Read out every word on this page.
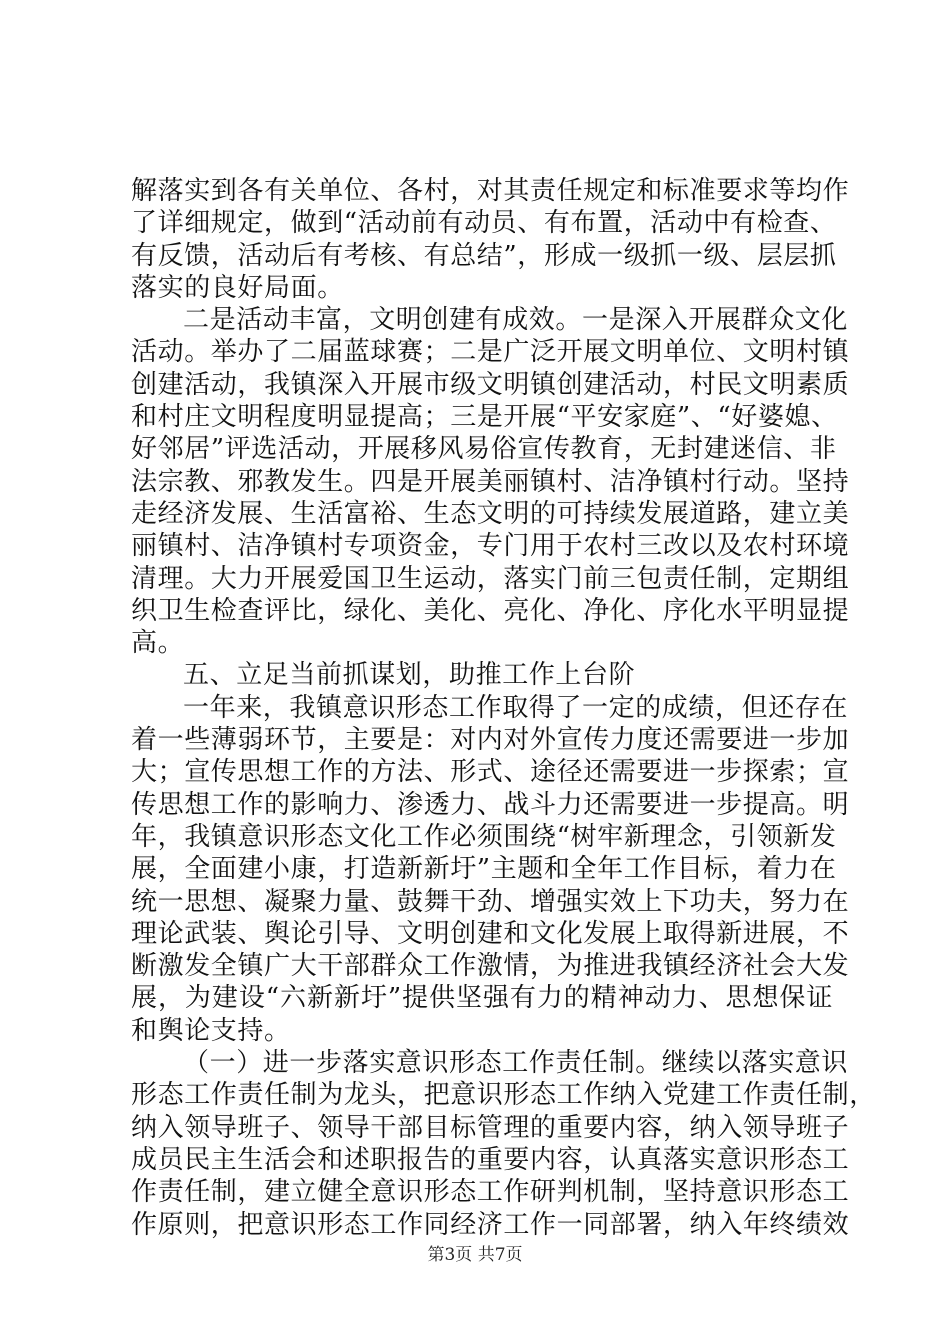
解落实到各有关单位、各村，对其责任规定和标准要求等均作
了详细规定，做到“活动前有动员、有布置，活动中有检查、
有反馈，活动后有考核、有总结”，形成一级抓一级、层层抓
落实的良好局面。
二是活动丰富，文明创建有成效。一是深入开展群众文化
活动。举办了二届蓝球赛；二是广泛开展文明单位、文明村镇
创建活动，我镇深入开展市级文明镇创建活动，村民文明素质
和村庄文明程度明显提高；三是开展“平安家庭”、“好婆媳、
好邻居”评选活动，开展移风易俗宣传教育，无封建迷信、非
法宗教、邪教发生。四是开展美丽镇村、洁净镇村行动。坚持
走经济发展、生活富裕、生态文明的可持续发展道路，建立美
丽镇村、洁净镇村专项资金，专门用于农村三改以及农村环境
清理。大力开展爱国卫生运动，落实门前三包责任制，定期组
织卫生检查评比，绿化、美化、亮化、净化、序化水平明显提
高。
五、立足当前抓谋划，助推工作上台阶
一年来，我镇意识形态工作取得了一定的成绩，但还存在
着一些薄弱环节，主要是：对内对外宣传力度还需要进一步加
大；宣传思想工作的方法、形式、途径还需要进一步探索；宣
传思想工作的影响力、渗透力、战斗力还需要进一步提高。明
年，我镇意识形态文化工作必须围绕“树牢新理念，引领新发
展，全面建小康，打造新新圩”主题和全年工作目标，着力在
统一思想、凝聚力量、鼓舞干劲、增强实效上下功夫，努力在
理论武装、舆论引导、文明创建和文化发展上取得新进展，不
断激发全镇广大干部群众工作激情，为推进我镇经济社会大发
展，为建设“六新新圩”提供坚强有力的精神动力、思想保证
和舆论支持。
（一）进一步落实意识形态工作责任制。继续以落实意识
形态工作责任制为龙头，把意识形态工作纳入党建工作责任制，
纳入领导班子、领导干部目标管理的重要内容，纳入领导班子
成员民主生活会和述职报告的重要内容，认真落实意识形态工
作责任制，建立健全意识形态工作研判机制，坚持意识形态工
作原则，把意识形态工作同经济工作一同部署，纳入年终绩效
第3页 共7页
